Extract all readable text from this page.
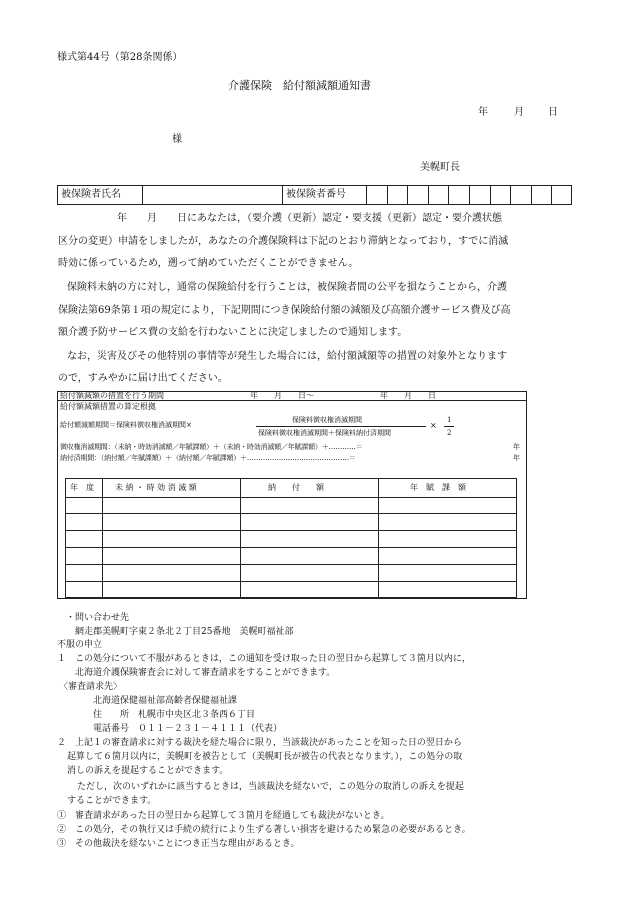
様式第44号（第28条関係）
介護保険　給付額減額通知書
年	月 日
様
美幌町長
被保険者氏名	被保険者番号
年　　月　　日にあなたは，（要介護（更新）認定・要支援（更新）認定・要介護状態
区分の変更）申請をしましたが，あなたの介護保険料は下記のとおり滞納となっており，すでに消滅
時効に係っているため，遡って納めていただくことができません。
保険料未納の方に対し，通常の保険給付を行うことは，被保険者間の公平を損なうことから，介護
保険法第69条第１項の規定により，下記期間につき保険給付額の減額及び高額介護サービス費及び高
額介護予防サービス費の支給を行わないことに決定しましたので通知します。
なお，災害及びその他特別の事情等が発生した場合には，給付額減額等の措置の対象外となります
ので，すみやかに届け出てください。
給付額減額の措置を行う期間	年　　月　　日～	年　　月　　日
給付額減額措置の算定根拠
給付額減額期間＝保険料徴収権消滅期間×
保険料徴収権消滅期間
保険料徴収権消滅期間＋保険料納付済期間
×
1
2
徴収権消滅期間：（未納・時効消滅額／年賦課額）＋（未納・時効消滅額／年賦課額）＋…………＝	年
納付済期間：（納付額／年賦課額）＋（納付額／年賦課額）＋………………………………………＝	年
年　度	未 納 ・ 時 効 消 滅 額	納　　付　　額	年　賦　課　額
・問い合わせ先
網走郡美幌町字東２条北２丁目25番地　美幌町福祉部
不服の申立
１　この処分について不服があるときは，この通知を受け取った日の翌日から起算して３箇月以内に，
北海道介護保険審査会に対して審査請求をすることができます。
〈審査請求先〉
北海道保健福祉部高齢者保健福祉課
住　　所　札幌市中央区北３条西６丁目
電話番号　０１１－２３１－４１１１（代表）
２　上記１の審査請求に対する裁決を経た場合に限り，当該裁決があったことを知った日の翌日から
起算して６箇月以内に，美幌町を被告として（美幌町長が被告の代表となります。），この処分の取
消しの訴えを提起することができます。
ただし，次のいずれかに該当するときは，当該裁決を経ないで，この処分の取消しの訴えを提起
することができます。
①　審査請求があった日の翌日から起算して３箇月を経過しても裁決がないとき。
②　この処分，その執行又は手続の続行により生ずる著しい損害を避けるため緊急の必要があるとき。
③　その他裁決を経ないことにつき正当な理由があるとき。
